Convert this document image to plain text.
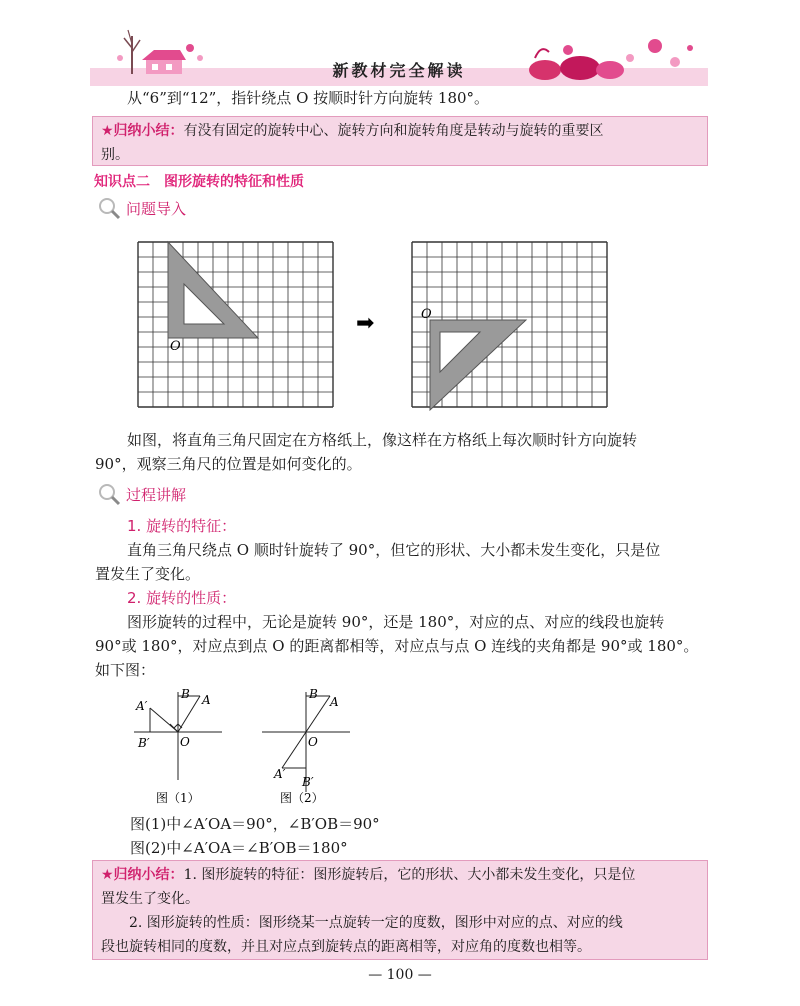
新教材完全解读
从“6”到“12”，指针绕点 O 按顺时针方向旋转 180°。
★归纳小结：有没有固定的旋转中心、旋转方向和旋转角度是转动与旋转的重要区
别。
知识点二　图形旋转的特征和性质
问题导入
O
➡	O
如图，将直角三角尺固定在方格纸上，像这样在方格纸上每次顺时针方向旋转
90°，观察三角尺的位置是如何变化的。
过程讲解
1. 旋转的特征：
直角三角尺绕点 O 顺时针旋转了 90°，但它的形状、大小都未发生变化，只是位
置发生了变化。
2. 旋转的性质：
图形旋转的过程中，无论是旋转 90°，还是 180°，对应的点、对应的线段也旋转
90°或 180°，对应点到点 O 的距离都相等，对应点与点 O 连线的夹角都是 90°或 180°。
如下图：
B A
A′
B′	O
图（1）
B
A
O
A′
B′
图（2）
图(1)中∠A′OA＝90°，∠B′OB＝90°
图(2)中∠A′OA＝∠B′OB＝180°
★归纳小结：1. 图形旋转的特征：图形旋转后，它的形状、大小都未发生变化，只是位
置发生了变化。
2. 图形旋转的性质：图形绕某一点旋转一定的度数，图形中对应的点、对应的线
段也旋转相同的度数，并且对应点到旋转点的距离相等，对应角的度数也相等。
— 100 —
